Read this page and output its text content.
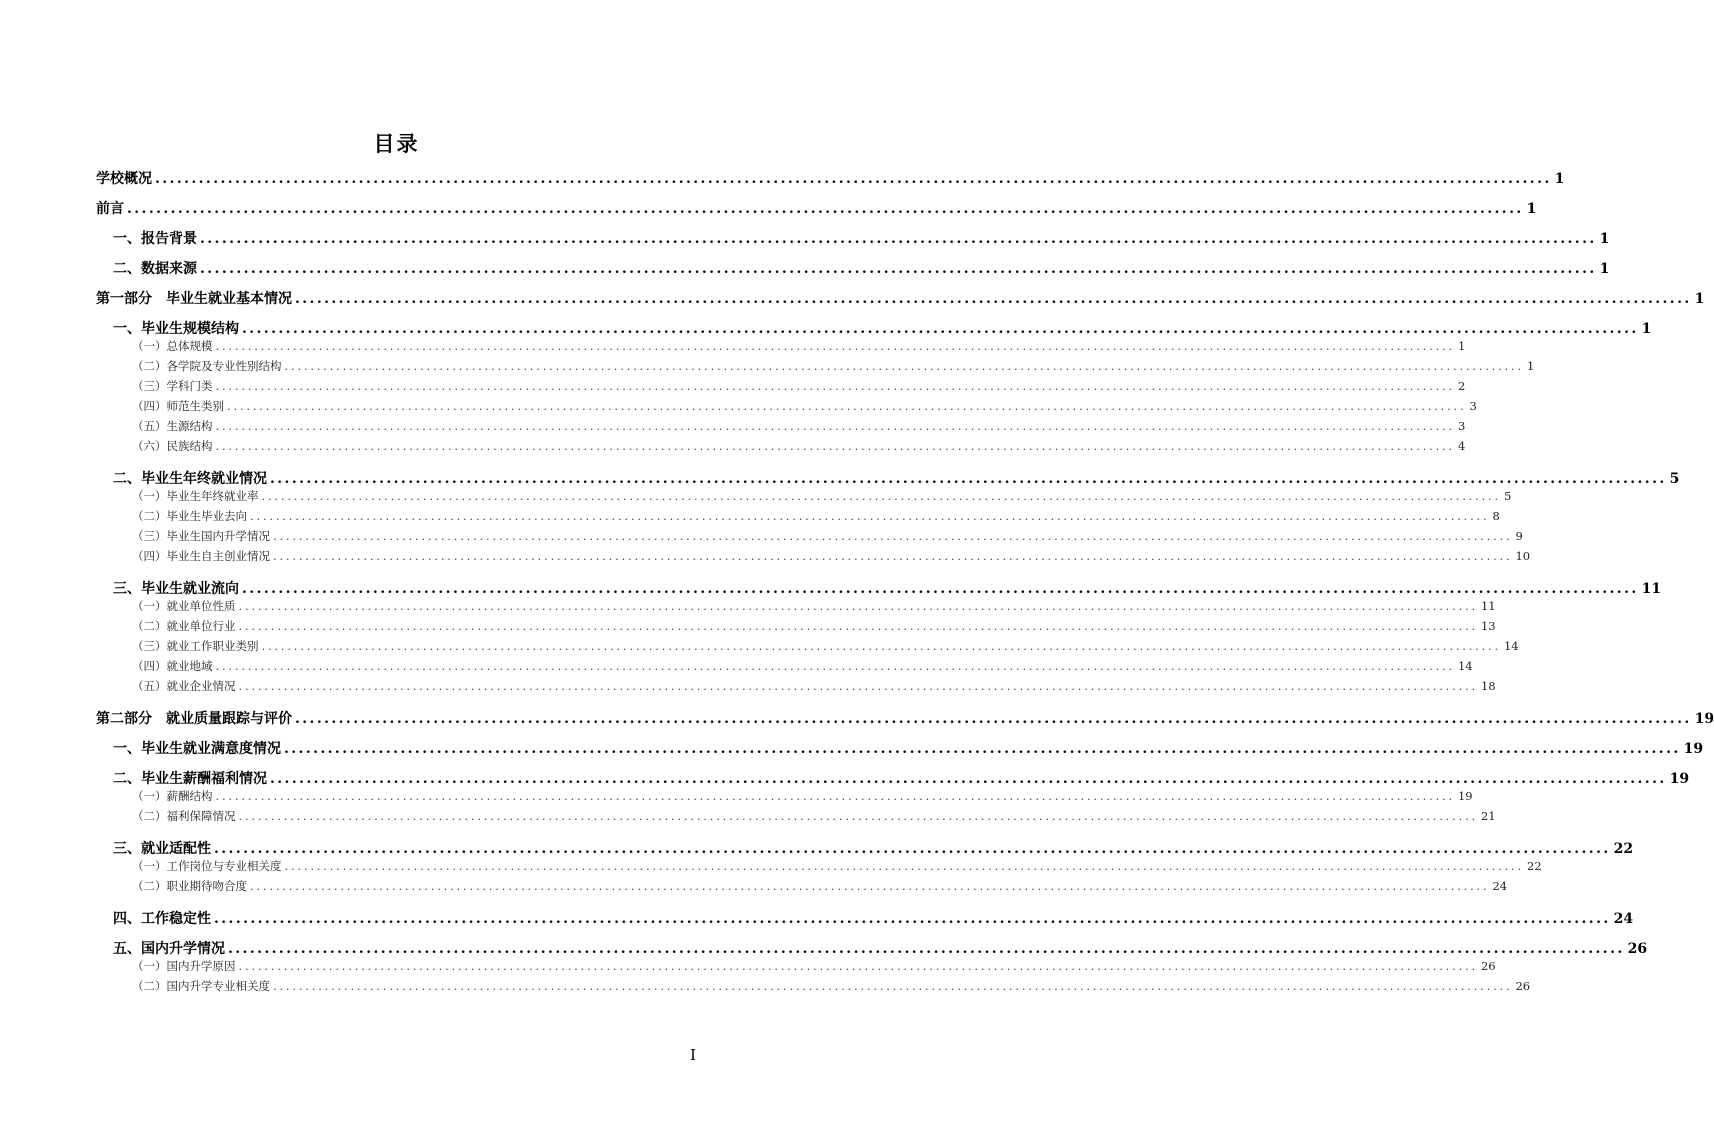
目录
学校概况 ................................................................................................................................................................................................ 1
前言 ................................................................................................................................................................................................ 1
一、报告背景 ................................................................................................................................................................................................ 1
二、数据来源 ................................................................................................................................................................................................ 1
第一部分　毕业生就业基本情况 ................................................................................................................................................................................................ 1
一、毕业生规模结构 ................................................................................................................................................................................................ 1
（一）总体规模 ................................................................................................................................................................................................ 1
（二）各学院及专业性别结构 ................................................................................................................................................................................................ 1
（三）学科门类 ................................................................................................................................................................................................ 2
（四）师范生类别 ................................................................................................................................................................................................ 3
（五）生源结构 ................................................................................................................................................................................................ 3
（六）民族结构 ................................................................................................................................................................................................ 4
二、毕业生年终就业情况 ................................................................................................................................................................................................ 5
（一）毕业生年终就业率 ................................................................................................................................................................................................ 5
（二）毕业生毕业去向 ................................................................................................................................................................................................ 8
（三）毕业生国内升学情况 ................................................................................................................................................................................................ 9
（四）毕业生自主创业情况 ................................................................................................................................................................................................ 10
三、毕业生就业流向 ................................................................................................................................................................................................ 11
（一）就业单位性质 ................................................................................................................................................................................................ 11
（二）就业单位行业 ................................................................................................................................................................................................ 13
（三）就业工作职业类别 ................................................................................................................................................................................................ 14
（四）就业地域 ................................................................................................................................................................................................ 14
（五）就业企业情况 ................................................................................................................................................................................................ 18
第二部分　就业质量跟踪与评价 ................................................................................................................................................................................................ 19
一、毕业生就业满意度情况 ................................................................................................................................................................................................ 19
二、毕业生薪酬福利情况 ................................................................................................................................................................................................ 19
（一）薪酬结构 ................................................................................................................................................................................................ 19
（二）福利保障情况 ................................................................................................................................................................................................ 21
三、就业适配性 ................................................................................................................................................................................................ 22
（一）工作岗位与专业相关度 ................................................................................................................................................................................................ 22
（二）职业期待吻合度 ................................................................................................................................................................................................ 24
四、工作稳定性 ................................................................................................................................................................................................ 24
五、国内升学情况 ................................................................................................................................................................................................ 26
（一）国内升学原因 ................................................................................................................................................................................................ 26
（二）国内升学专业相关度 ................................................................................................................................................................................................ 26
I
